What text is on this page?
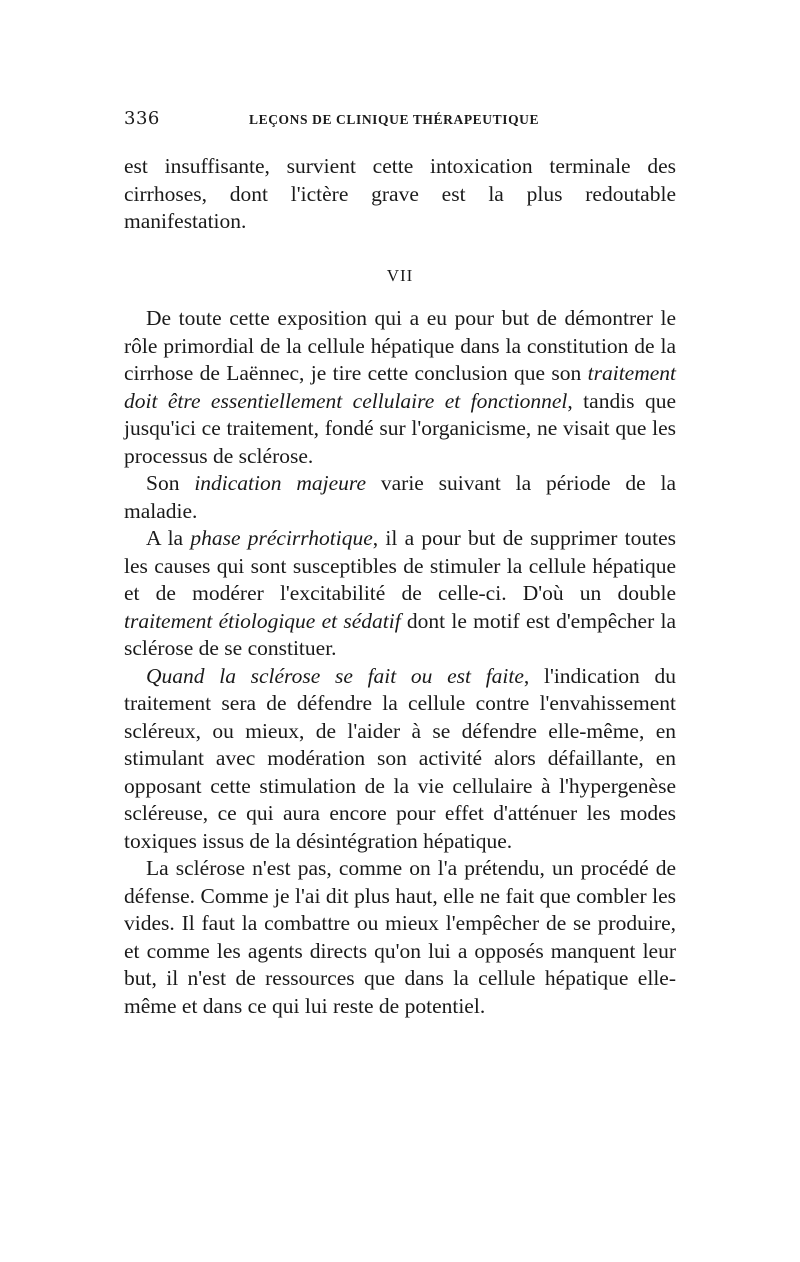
336	LEÇONS DE CLINIQUE THÉRAPEUTIQUE

est insuffisante, survient cette intoxication terminale des cirrhoses, dont l'ictère grave est la plus redoutable manifestation.

VII

De toute cette exposition qui a eu pour but de démontrer le rôle primordial de la cellule hépatique dans la constitution de la cirrhose de Laënnec, je tire cette conclusion que son traitement doit être essentiellement cellulaire et fonctionnel, tandis que jusqu'ici ce traitement, fondé sur l'organicisme, ne visait que les processus de sclérose.

Son indication majeure varie suivant la période de la maladie.

A la phase précirrhotique, il a pour but de supprimer toutes les causes qui sont susceptibles de stimuler la cellule hépatique et de modérer l'excitabilité de celle-ci. D'où un double traitement étiologique et sédatif dont le motif est d'empêcher la sclérose de se constituer.

Quand la sclérose se fait ou est faite, l'indication du traitement sera de défendre la cellule contre l'envahissement scléreux, ou mieux, de l'aider à se défendre elle-même, en stimulant avec modération son activité alors défaillante, en opposant cette stimulation de la vie cellulaire à l'hypergenèse scléreuse, ce qui aura encore pour effet d'atténuer les modes toxiques issus de la désintégration hépatique.

La sclérose n'est pas, comme on l'a prétendu, un procédé de défense. Comme je l'ai dit plus haut, elle ne fait que combler les vides. Il faut la combattre ou mieux l'empêcher de se produire, et comme les agents directs qu'on lui a opposés manquent leur but, il n'est de ressources que dans la cellule hépatique elle-même et dans ce qui lui reste de potentiel.
